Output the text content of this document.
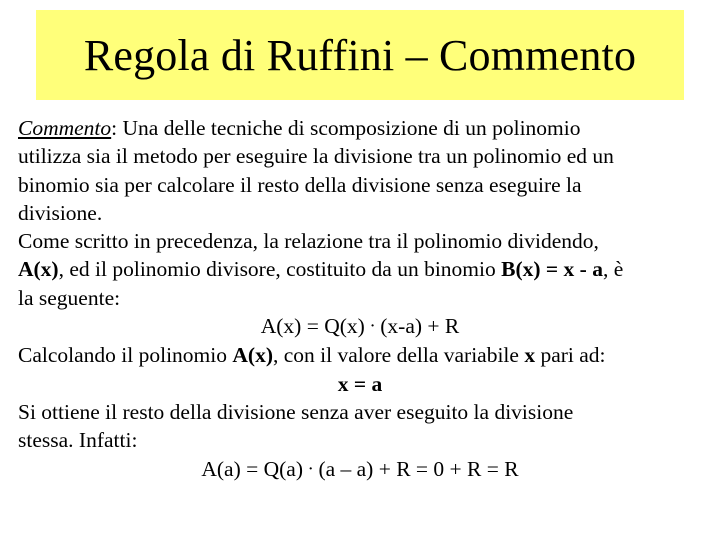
Regola di Ruffini – Commento

Commento: Una delle tecniche di scomposizione di un polinomio
utilizza sia il metodo per eseguire la divisione tra un polinomio ed un
binomio sia per calcolare il resto della divisione senza eseguire la
divisione.

Come scritto in precedenza, la relazione tra il polinomio dividendo,
A(x), ed il polinomio divisore, costituito da un binomio B(x) = x - a, è
la seguente:

A(x) = Q(x) · (x-a) + R

Calcolando il polinomio A(x), con il valore della variabile x pari ad:

x = a

Si ottiene il resto della divisione senza aver eseguito la divisione
stessa. Infatti:

A(a) = Q(a) · (a – a) + R = 0 + R = R
